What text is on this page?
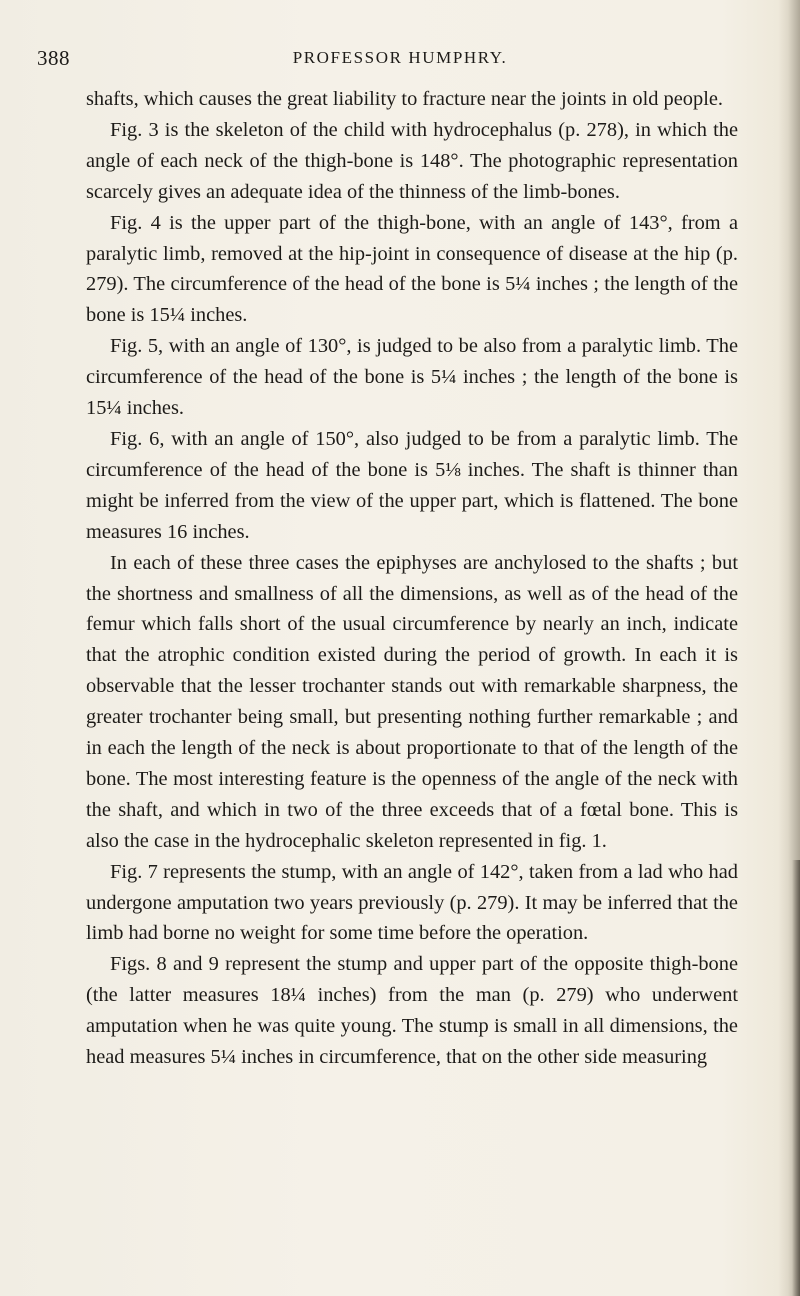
388	PROFESSOR HUMPHRY.

shafts, which causes the great liability to fracture near the joints in old people.

Fig. 3 is the skeleton of the child with hydrocephalus (p. 278), in which the angle of each neck of the thigh-bone is 148°. The photographic representation scarcely gives an adequate idea of the thinness of the limb-bones.

Fig. 4 is the upper part of the thigh-bone, with an angle of 143°, from a paralytic limb, removed at the hip-joint in consequence of disease at the hip (p. 279). The circumference of the head of the bone is 5¼ inches ; the length of the bone is 15¼ inches.

Fig. 5, with an angle of 130°, is judged to be also from a paralytic limb. The circumference of the head of the bone is 5¼ inches ; the length of the bone is 15¼ inches.

Fig. 6, with an angle of 150°, also judged to be from a paralytic limb. The circumference of the head of the bone is 5⅛ inches. The shaft is thinner than might be inferred from the view of the upper part, which is flattened. The bone measures 16 inches.

In each of these three cases the epiphyses are anchylosed to the shafts ; but the shortness and smallness of all the dimensions, as well as of the head of the femur which falls short of the usual circumference by nearly an inch, indicate that the atrophic condition existed during the period of growth. In each it is observable that the lesser trochanter stands out with remarkable sharpness, the greater trochanter being small, but presenting nothing further remarkable ; and in each the length of the neck is about proportionate to that of the length of the bone. The most interesting feature is the openness of the angle of the neck with the shaft, and which in two of the three exceeds that of a fœtal bone. This is also the case in the hydrocephalic skeleton represented in fig. 1.

Fig. 7 represents the stump, with an angle of 142°, taken from a lad who had undergone amputation two years previously (p. 279). It may be inferred that the limb had borne no weight for some time before the operation.

Figs. 8 and 9 represent the stump and upper part of the opposite thigh-bone (the latter measures 18¼ inches) from the man (p. 279) who underwent amputation when he was quite young. The stump is small in all dimensions, the head measures 5¼ inches in circumference, that on the other side measuring
